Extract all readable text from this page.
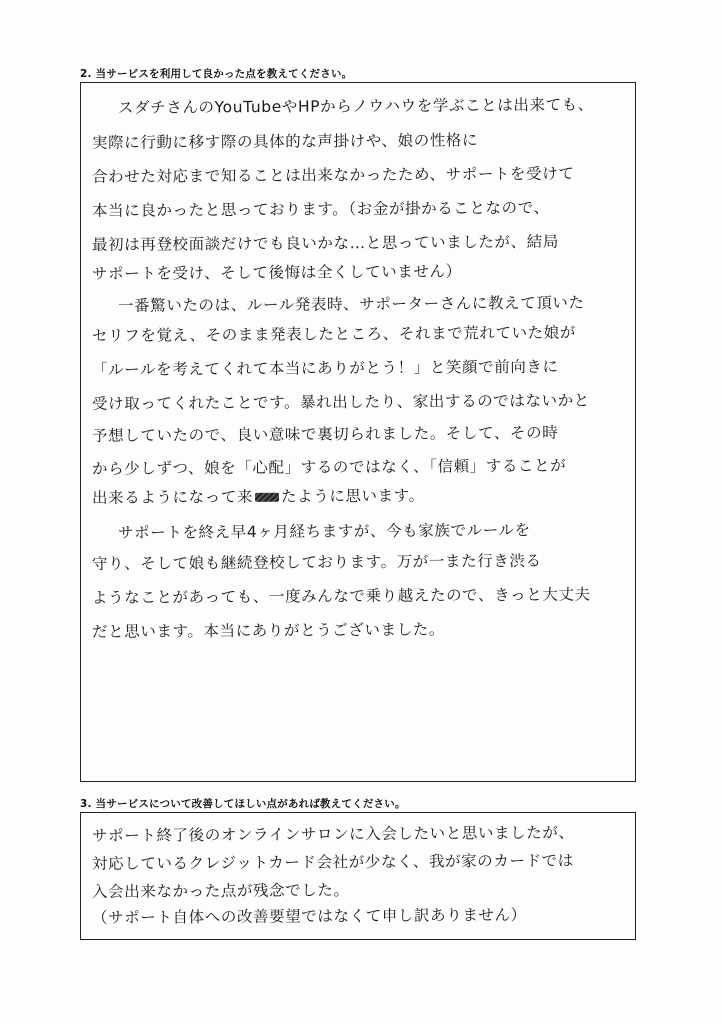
2. 当サービスを利用して良かった点を教えてください。
スダチさんのYouTubeやHPからノウハウを学ぶことは出来ても、
実際に行動に移す際の具体的な声掛けや、娘の性格に
合わせた対応まで知ることは出来なかったため、サポートを受けて
本当に良かったと思っております。（お金が掛かることなので、
最初は再登校面談だけでも良いかな…と思っていましたが、結局
サポートを受け、そして後悔は全くしていません）
一番驚いたのは、ルール発表時、サポーターさんに教えて頂いた
セリフを覚え、そのまま発表したところ、それまで荒れていた娘が
「ルールを考えてくれて本当にありがとう！」と笑顔で前向きに
受け取ってくれたことです。暴れ出したり、家出するのではないかと
予想していたので、良い意味で裏切られました。そして、その時
から少しずつ、娘を「心配」するのではなく、「信頼」することが
出来るようになって来 たように思います。
サポートを終え早4ヶ月経ちますが、今も家族でルールを
守り、そして娘も継続登校しております。万が一また行き渋る
ようなことがあっても、一度みんなで乗り越えたので、きっと大丈夫
だと思います。本当にありがとうございました。
3. 当サービスについて改善してほしい点があれば教えてください。
サポート終了後のオンラインサロンに入会したいと思いましたが、
対応しているクレジットカード会社が少なく、我が家のカードでは
入会出来なかった点が残念でした。
（サポート自体への改善要望ではなくて申し訳ありません）
